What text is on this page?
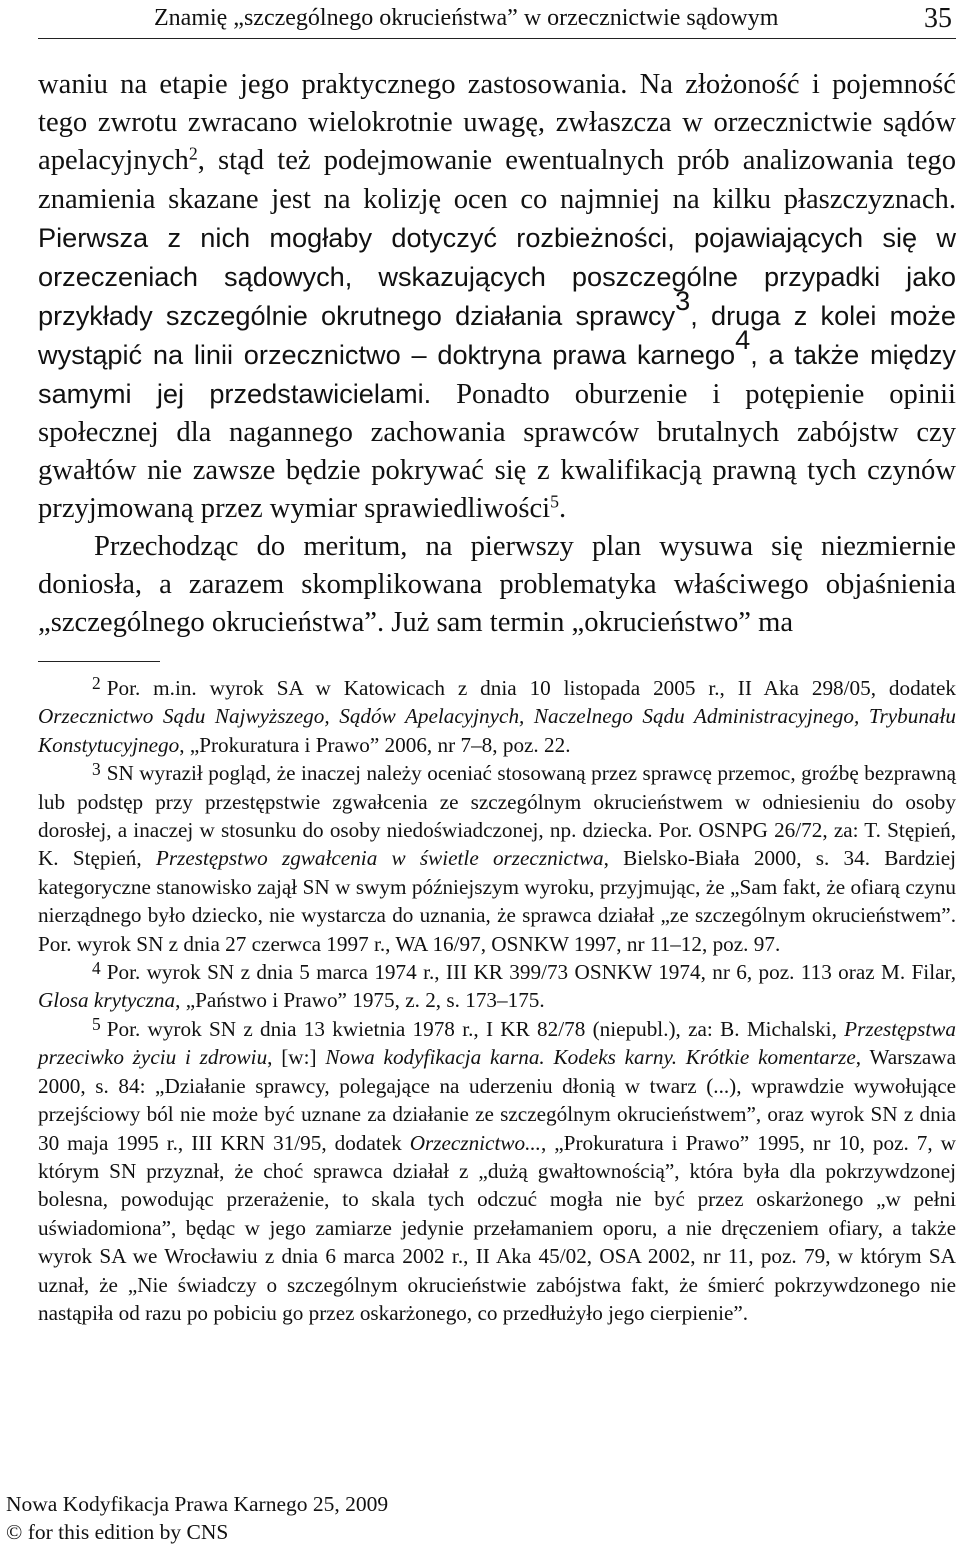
Znamię „szczególnego okrucieństwa” w orzecznictwie sądowym	35

waniu na etapie jego praktycznego zastosowania. Na złożoność i pojemność tego zwrotu zwracano wielokrotnie uwagę, zwłaszcza w orzecznictwie sądów apelacyjnych$^2$, stąd też podejmowanie ewentualnych prób analizowania tego znamienia skazane jest na kolizję ocen co najmniej na kilku płaszczyznach. Pierwsza z nich mogłaby dotyczyć rozbieżności, pojawiających się w orzeczeniach sądowych, wskazujących poszczególne przypadki jako przykłady szczególnie okrutnego działania sprawcy$^3$, druga z kolei może wystąpić na linii orzecznictwo – doktryna prawa karnego$^4$, a także między samymi jej przedstawicielami. Ponadto oburzenie i potępienie opinii społecznej dla nagannego zachowania sprawców brutalnych zabójstw czy gwałtów nie zawsze będzie pokrywać się z kwalifikacją prawną tych czynów przyjmowaną przez wymiar sprawiedliwości$^5$.

Przechodząc do meritum, na pierwszy plan wysuwa się niezmiernie doniosła, a zarazem skomplikowana problematyka właściwego objaśnienia „szczególnego okrucieństwa”. Już sam termin „okrucieństwo” ma

$^2$ Por. m.in. wyrok SA w Katowicach z dnia 10 listopada 2005 r., II Aka 298/05, dodatek Orzecznictwo Sądu Najwyższego, Sądów Apelacyjnych, Naczelnego Sądu Administracyjnego, Trybunału Konstytucyjnego, „Prokuratura i Prawo” 2006, nr 7–8, poz. 22.

$^3$ SN wyraził pogląd, że inaczej należy oceniać stosowaną przez sprawcę przemoc, groźbę bezprawną lub podstęp przy przestępstwie zgwałcenia ze szczególnym okrucieństwem w odniesieniu do osoby dorosłej, a inaczej w stosunku do osoby niedoświadczonej, np. dziecka. Por. OSNPG 26/72, za: T. Stępień, K. Stępień, Przestępstwo zgwałcenia w świetle orzecznictwa, Bielsko-Biała 2000, s. 34. Bardziej kategoryczne stanowisko zajął SN w swym późniejszym wyroku, przyjmując, że „Sam fakt, że ofiarą czynu nierządnego było dziecko, nie wystarcza do uznania, że sprawca działał „ze szczególnym okrucieństwem”. Por. wyrok SN z dnia 27 czerwca 1997 r., WA 16/97, OSNKW 1997, nr 11–12, poz. 97.

$^4$ Por. wyrok SN z dnia 5 marca 1974 r., III KR 399/73 OSNKW 1974, nr 6, poz. 113 oraz M. Filar, Glosa krytyczna, „Państwo i Prawo” 1975, z. 2, s. 173–175.

$^5$ Por. wyrok SN z dnia 13 kwietnia 1978 r., I KR 82/78 (niepubl.), za: B. Michalski, Przestępstwa przeciwko życiu i zdrowiu, [w:] Nowa kodyfikacja karna. Kodeks karny. Krótkie komentarze, Warszawa 2000, s. 84: „Działanie sprawcy, polegające na uderzeniu dłonią w twarz (...), wprawdzie wywołujące przejściowy ból nie może być uznane za działanie ze szczególnym okrucieństwem”, oraz wyrok SN z dnia 30 maja 1995 r., III KRN 31/95, dodatek Orzecznictwo..., „Prokuratura i Prawo” 1995, nr 10, poz. 7, w którym SN przyznał, że choć sprawca działał z „dużą gwałtownością”, która była dla pokrzywdzonej bolesna, powodując przerażenie, to skala tych odczuć mogła nie być przez oskarżonego „w pełni uświadomiona”, będąc w jego zamiarze jedynie przełamaniem oporu, a nie dręczeniem ofiary, a także wyrok SA we Wrocławiu z dnia 6 marca 2002 r., II Aka 45/02, OSA 2002, nr 11, poz. 79, w którym SA uznał, że „Nie świadczy o szczególnym okrucieństwie zabójstwa fakt, że śmierć pokrzywdzonego nie nastąpiła od razu po pobiciu go przez oskarżonego, co przedłużyło jego cierpienie”.

Nowa Kodyfikacja Prawa Karnego 25, 2009
© for this edition by CNS
